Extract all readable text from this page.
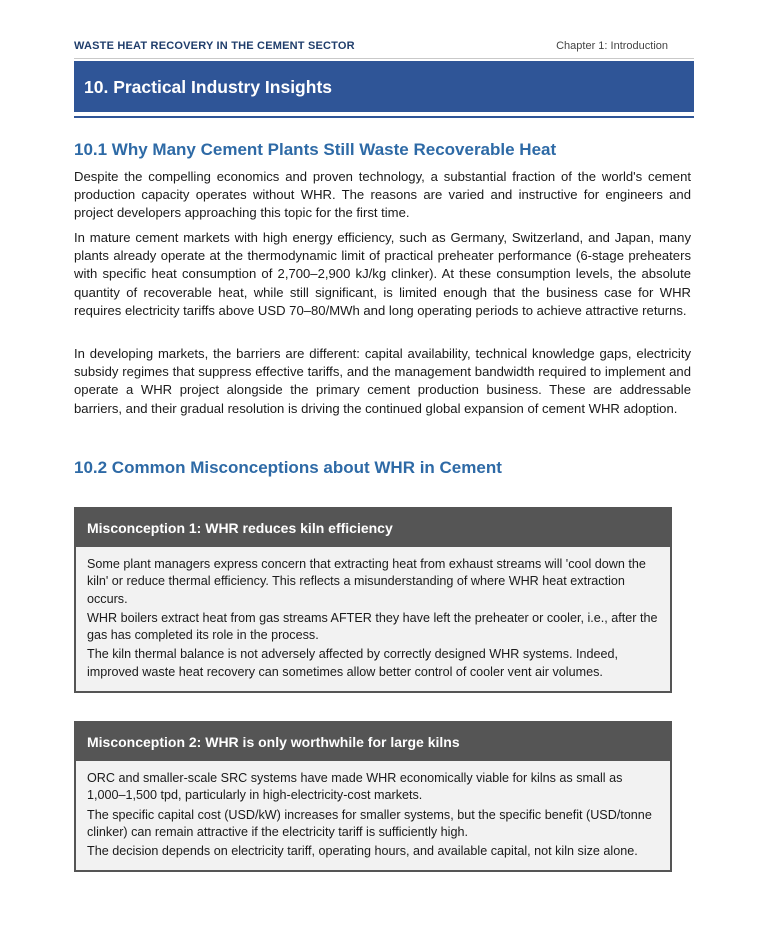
WASTE HEAT RECOVERY IN THE CEMENT SECTOR	Chapter 1: Introduction
10. Practical Industry Insights
10.1 Why Many Cement Plants Still Waste Recoverable Heat

Despite the compelling economics and proven technology, a substantial fraction of the world's cement production capacity operates without WHR. The reasons are varied and instructive for engineers and project developers approaching this topic for the first time.

In mature cement markets with high energy efficiency, such as Germany, Switzerland, and Japan, many plants already operate at the thermodynamic limit of practical preheater performance (6-stage preheaters with specific heat consumption of 2,700–2,900 kJ/kg clinker). At these consumption levels, the absolute quantity of recoverable heat, while still significant, is limited enough that the business case for WHR requires electricity tariffs above USD 70–80/MWh and long operating periods to achieve attractive returns.

In developing markets, the barriers are different: capital availability, technical knowledge gaps, electricity subsidy regimes that suppress effective tariffs, and the management bandwidth required to implement and operate a WHR project alongside the primary cement production business. These are addressable barriers, and their gradual resolution is driving the continued global expansion of cement WHR adoption.

10.2 Common Misconceptions about WHR in Cement
Misconception 1: WHR reduces kiln efficiency

Some plant managers express concern that extracting heat from exhaust streams will 'cool down the kiln' or reduce thermal efficiency. This reflects a misunderstanding of where WHR heat extraction occurs.

WHR boilers extract heat from gas streams AFTER they have left the preheater or cooler, i.e., after the gas has completed its role in the process.

The kiln thermal balance is not adversely affected by correctly designed WHR systems. Indeed, improved waste heat recovery can sometimes allow better control of cooler vent air volumes.

Misconception 2: WHR is only worthwhile for large kilns

ORC and smaller-scale SRC systems have made WHR economically viable for kilns as small as 1,000–1,500 tpd, particularly in high-electricity-cost markets.

The specific capital cost (USD/kW) increases for smaller systems, but the specific benefit (USD/tonne clinker) can remain attractive if the electricity tariff is sufficiently high.

The decision depends on electricity tariff, operating hours, and available capital, not kiln size alone.
